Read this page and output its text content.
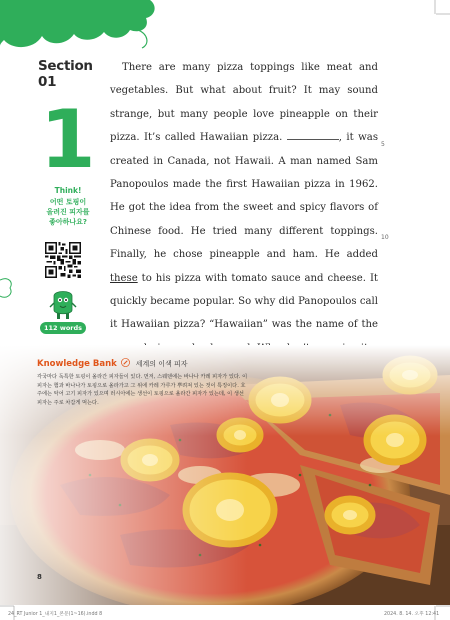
Section
01
1
Think!
어떤 토핑이
올려진 피자를
좋아하나요?
112 words
There are many pizza toppings like meat and vegetables. But what about fruit? It may sound strange, but many people love pineapple on their pizza. It’s called Hawaiian pizza.	, it was created in Canada, not Hawaii. A man named Sam Panopoulos made the first Hawaiian pizza in 1962. He got the idea from the sweet and spicy flavors of Chinese food. He tried many different toppings. Finally, he chose pineapple and ham. He added these to his pizza with tomato sauce and cheese. It quickly became popular. So why did Panopoulos call it Hawaiian pizza? “Hawaiian” was the name of the
5
10
Knowledge Bank	세계의 이색 피자
각국마다 독특한 토핑이 올라간 피자들이 있다. 먼저, 스웨덴에는 바나나 카레 피자가 있다. 이 피자는 햄과 바나나가 토핑으로 올라가고 그 위에 카레 가루가 뿌려져 있는 것이 특징이다. 호주에는 악어 고기 피자가 있으며 러시아에는 생선이 토핑으로 올라간 피자가 있는데, 이 생선 피자는 주로 차갑게 먹는다.
8
24_RT Junior 1_내지1_본문(1~16).indd 8	2024. 8. 14. 오후 12:41
